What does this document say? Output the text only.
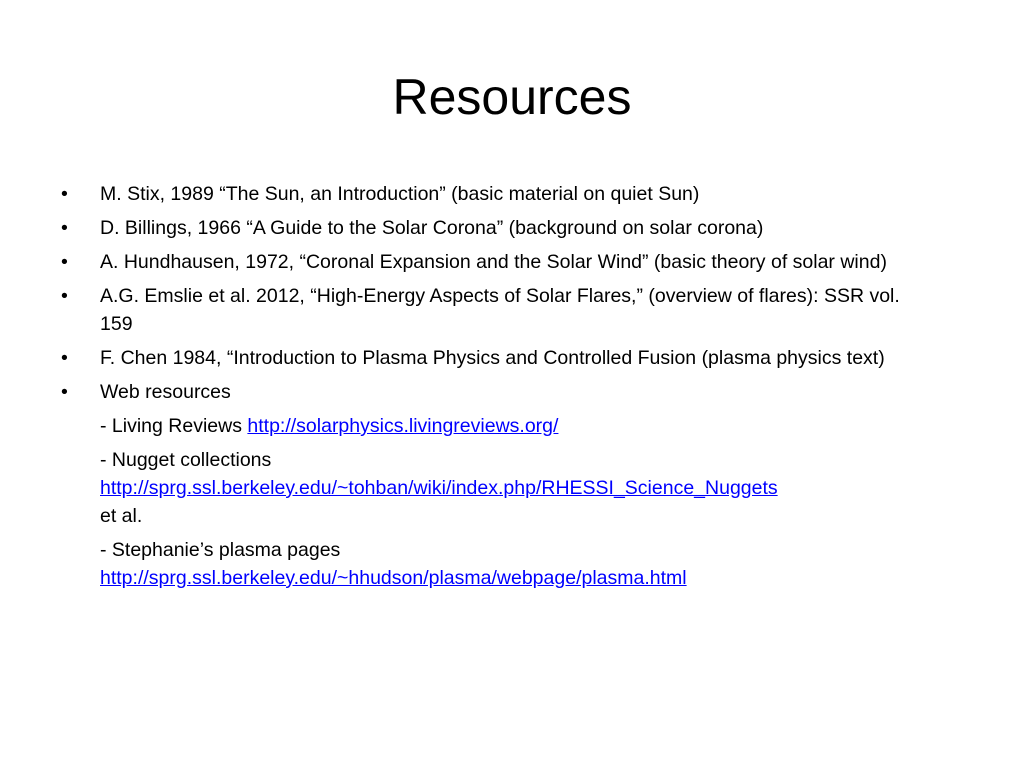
Resources
• M. Stix, 1989 “The Sun, an Introduction” (basic material on quiet Sun)
• D. Billings, 1966 “A Guide to the Solar Corona” (background on solar corona)
• A. Hundhausen, 1972, “Coronal Expansion and the Solar Wind” (basic theory of solar wind)
• A.G. Emslie et al. 2012, “High-Energy Aspects of Solar Flares,” (overview of flares): SSR vol. 159
• F. Chen 1984, “Introduction to Plasma Physics and Controlled Fusion (plasma physics text)
• Web resources
- Living Reviews http://solarphysics.livingreviews.org/
- Nugget collections
http://sprg.ssl.berkeley.edu/~tohban/wiki/index.php/RHESSI_Science_Nuggets
et al.
- Stephanie’s plasma pages
http://sprg.ssl.berkeley.edu/~hhudson/plasma/webpage/plasma.html
